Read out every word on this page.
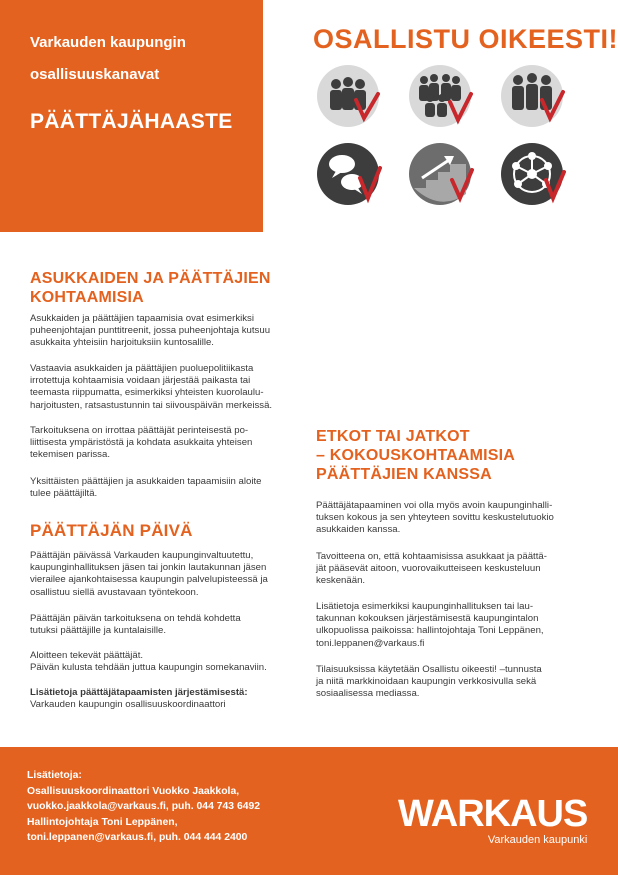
Varkauden kaupungin
osallisuuskanavat
PÄÄTTÄJÄHAASTE
OSALLISTU OIKEESTI!
ASUKKAIDEN JA PÄÄTTÄJIEN
KOHTAAMISIA
Asukkaiden ja päättäjien tapaamisia ovat esimerkiksi
puheenjohtajan punttitreenit, jossa puheenjohtaja kutsuu
asukkaita yhteisiin harjoituksiin kuntosalille.
Vastaavia asukkaiden ja päättäjien puoluepolitiikasta
irrotettuja kohtaamisia voidaan järjestää paikasta tai
teemasta riippumatta, esimerkiksi yhteisten kuorolaulu-
harjoitusten, ratsastustunnin tai siivouspäivän merkeissä.
Tarkoituksena on irrottaa päättäjät perinteisestä po-
liittisesta ympäristöstä ja kohdata asukkaita yhteisen
tekemisen parissa.
Yksittäisten päättäjien ja asukkaiden tapaamisiin aloite
tulee päättäjiltä.
PÄÄTTÄJÄN PÄIVÄ
Päättäjän päivässä Varkauden kaupunginvaltuutettu,
kaupunginhallituksen jäsen tai jonkin lautakunnan jäsen
vierailee ajankohtaisessa kaupungin palvelupisteessä ja
osallistuu siellä avustavaan työntekoon.
Päättäjän päivän tarkoituksena on tehdä kohdetta
tutuksi päättäjille ja kuntalaisille.
Aloitteen tekevät päättäjät.
Päivän kulusta tehdään juttua kaupungin somekanaviin.
Lisätietoja päättäjätapaamisten järjestämisestä:
Varkauden kaupungin osallisuuskoordinaattori
ETKOT TAI JATKOT
– KOKOUSKOHTAAMISIA
PÄÄTTÄJIEN KANSSA
Päättäjätapaaminen voi olla myös avoin kaupunginhalli-
tuksen kokous ja sen yhteyteen sovittu keskustelutuokio
asukkaiden kanssa.
Tavoitteena on, että kohtaamisissa asukkaat ja päättä-
jät pääsevät aitoon, vuorovaikutteiseen keskusteluun
keskenään.
Lisätietoja esimerkiksi kaupunginhallituksen tai lau-
takunnan kokouksen järjestämisestä kaupungintalon
ulkopuolissa paikoissa: hallintojohtaja Toni Leppänen,
toni.leppanen@varkaus.fi
Tilaisuuksissa käytetään Osallistu oikeesti! –tunnusta
ja niitä markkinoidaan kaupungin verkkosivulla sekä
sosiaalisessa mediassa.
Lisätietoja:
Osallisuuskoordinaattori Vuokko Jaakkola,
vuokko.jaakkola@varkaus.fi, puh. 044 743 6492
Hallintojohtaja Toni Leppänen,
toni.leppanen@varkaus.fi, puh. 044 444 2400
WARKAUS
Varkauden kaupunki
